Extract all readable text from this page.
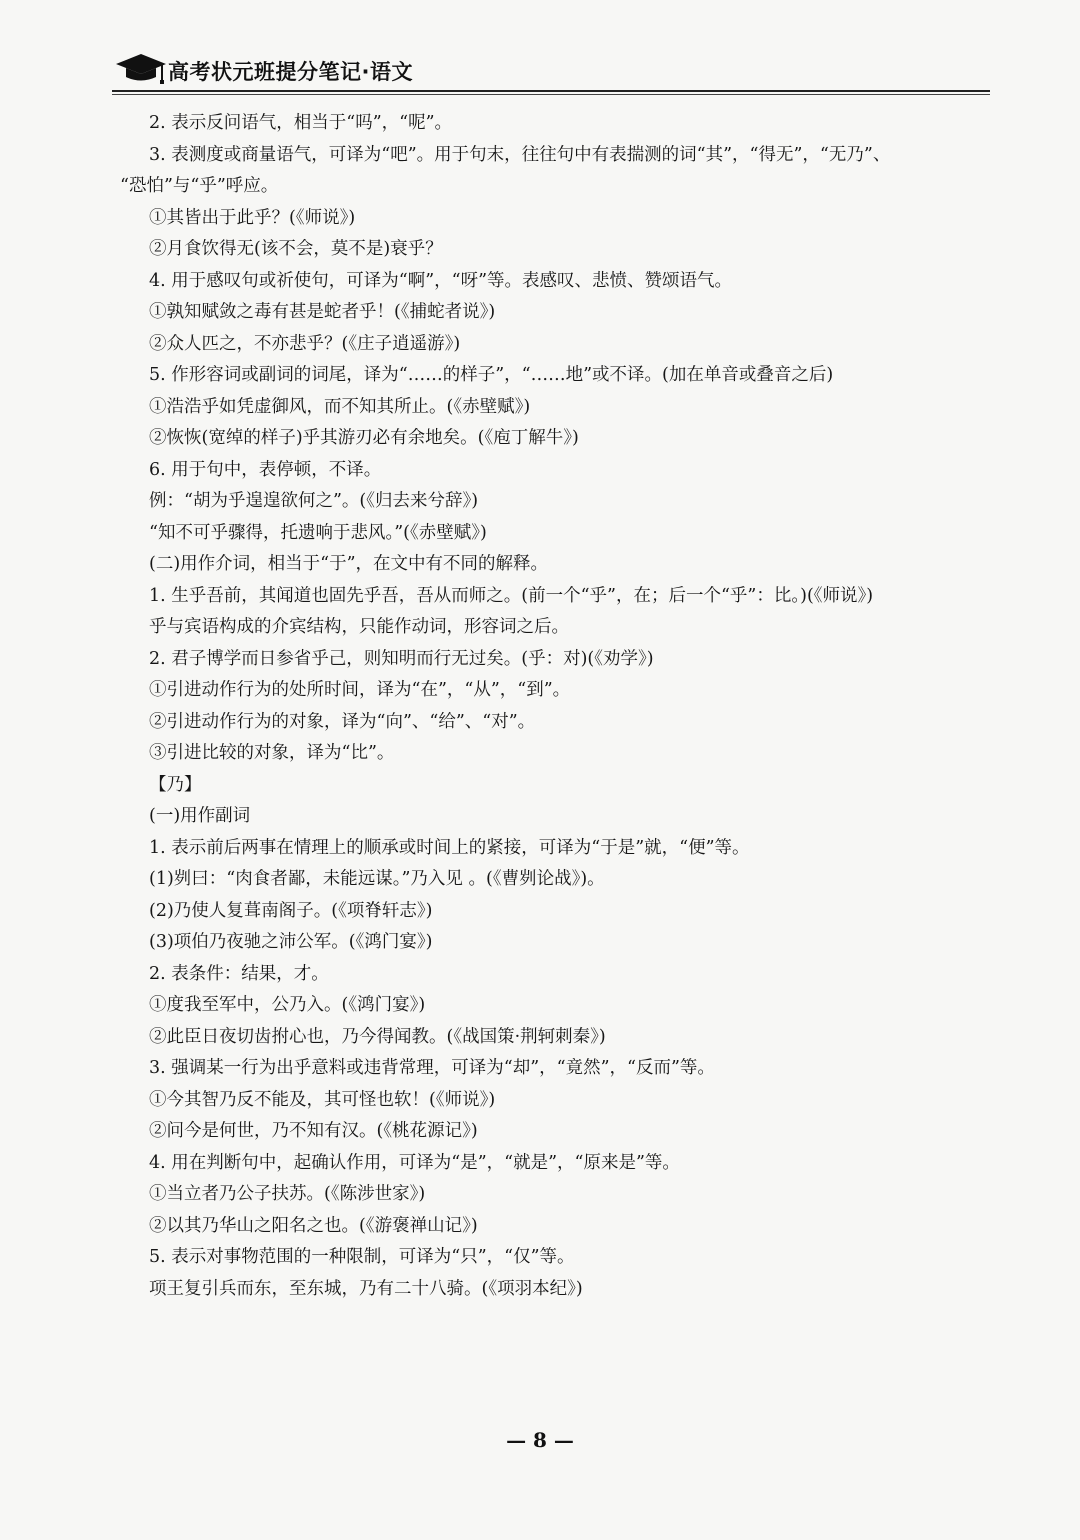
高考状元班提分笔记·语文

2. 表示反问语气，相当于“吗”，“呢”。

3. 表测度或商量语气，可译为“吧”。用于句末，往往句中有表揣测的词“其”，“得无”，“无乃”、

“恐怕”与“乎”呼应。

①其皆出于此乎？(《师说》)

②月食饮得无(该不会，莫不是)衰乎？

4. 用于感叹句或祈使句，可译为“啊”，“呀”等。表感叹、悲愤、赞颂语气。

①孰知赋敛之毒有甚是蛇者乎！(《捕蛇者说》)

②众人匹之，不亦悲乎？(《庄子逍遥游》)

5. 作形容词或副词的词尾，译为“……的样子”，“……地”或不译。(加在单音或叠音之后)

①浩浩乎如凭虚御风，而不知其所止。(《赤壁赋》)

②恢恢(宽绰的样子)乎其游刃必有余地矣。(《庖丁解牛》)

6. 用于句中，表停顿，不译。

例：“胡为乎遑遑欲何之”。(《归去来兮辞》)

“知不可乎骤得，托遗响于悲风。”(《赤壁赋》)

(二)用作介词，相当于“于”，在文中有不同的解释。

1. 生乎吾前，其闻道也固先乎吾，吾从而师之。(前一个“乎”，在；后一个“乎”：比。)(《师说》)

乎与宾语构成的介宾结构，只能作动词，形容词之后。

2. 君子博学而日参省乎己，则知明而行无过矣。(乎：对)(《劝学》)

①引进动作行为的处所时间，译为“在”，“从”，“到”。

②引进动作行为的对象，译为“向”、“给”、“对”。

③引进比较的对象，译为“比”。

【乃】

(一)用作副词

1. 表示前后两事在情理上的顺承或时间上的紧接，可译为“于是”就，“便”等。

(1)刿曰：“肉食者鄙，未能远谋。”乃入见 。(《曹刿论战》)。

(2)乃使人复葺南阁子。(《项脊轩志》)

(3)项伯乃夜驰之沛公军。(《鸿门宴》)

2. 表条件：结果，才。

①度我至军中，公乃入。(《鸿门宴》)

②此臣日夜切齿拊心也，乃今得闻教。(《战国策·荆轲刺秦》)

3. 强调某一行为出乎意料或违背常理，可译为“却”，“竟然”，“反而”等。

①今其智乃反不能及，其可怪也软！(《师说》)

②问今是何世，乃不知有汉。(《桃花源记》)

4. 用在判断句中，起确认作用，可译为“是”，“就是”，“原来是”等。

①当立者乃公子扶苏。(《陈涉世家》)

②以其乃华山之阳名之也。(《游褒禅山记》)

5. 表示对事物范围的一种限制，可译为“只”，“仅”等。

项王复引兵而东，至东城，乃有二十八骑。(《项羽本纪》)

— 8 —
